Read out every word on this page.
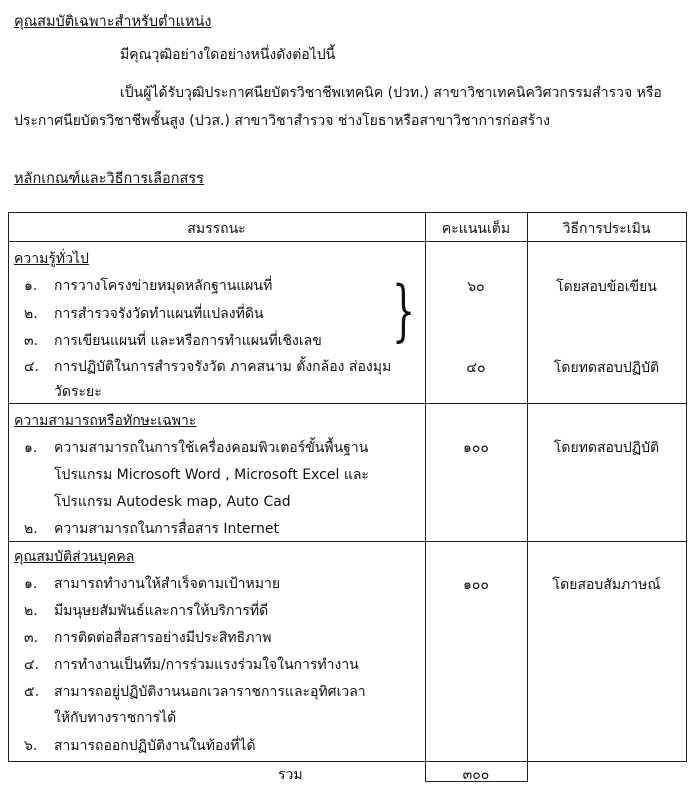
คุณสมบัติเฉพาะสำหรับตำแหน่ง
มีคุณวุฒิอย่างใดอย่างหนึ่งดังต่อไปนี้
เป็นผู้ได้รับวุฒิประกาศนียบัตรวิชาชีพเทคนิค (ปวท.) สาขาวิชาเทคนิควิศวกรรมสำรวจ หรือ
ประกาศนียบัตรวิชาชีพชั้นสูง (ปวส.) สาขาวิชาสำรวจ ช่างโยธาหรือสาขาวิชาการก่อสร้าง
หลักเกณฑ์และวิธีการเลือกสรร
สมรรถนะ	คะแนนเต็ม	วิธีการประเมิน
ความรู้ทั่วไป
๑. การวางโครงข่ายหมุดหลักฐานแผนที่
๒. การสำรวจรังวัดทำแผนที่แปลงที่ดิน
๓. การเขียนแผนที่ และหรือการทำแผนที่เชิงเลข
๔. การปฏิบัติในการสำรวจรังวัด ภาคสนาม ตั้งกล้อง ส่องมุม
วัดระยะ
}	๖๐	โดยสอบข้อเขียน
๔๐	โดยทดสอบปฏิบัติ
ความสามารถหรือทักษะเฉพาะ
๑. ความสามารถในการใช้เครื่องคอมพิวเตอร์ขั้นพื้นฐาน
โปรแกรม Microsoft Word , Microsoft Excel และ
โปรแกรม Autodesk map, Auto Cad
๒. ความสามารถในการสื่อสาร Internet
๑๐๐	โดยทดสอบปฏิบัติ
คุณสมบัติส่วนบุคคล
๑. สามารถทำงานให้สำเร็จตามเป้าหมาย
๒. มีมนุษยสัมพันธ์และการให้บริการที่ดี
๓. การติดต่อสื่อสารอย่างมีประสิทธิภาพ
๔. การทำงานเป็นทีม/การร่วมแรงร่วมใจในการทำงาน
๕. สามารถอยู่ปฏิบัติงานนอกเวลาราชการและอุทิศเวลา
ให้กับทางราชการได้
๖. สามารถออกปฏิบัติงานในท้องที่ได้
๑๐๐	โดยสอบสัมภาษณ์
รวม	๓๐๐
